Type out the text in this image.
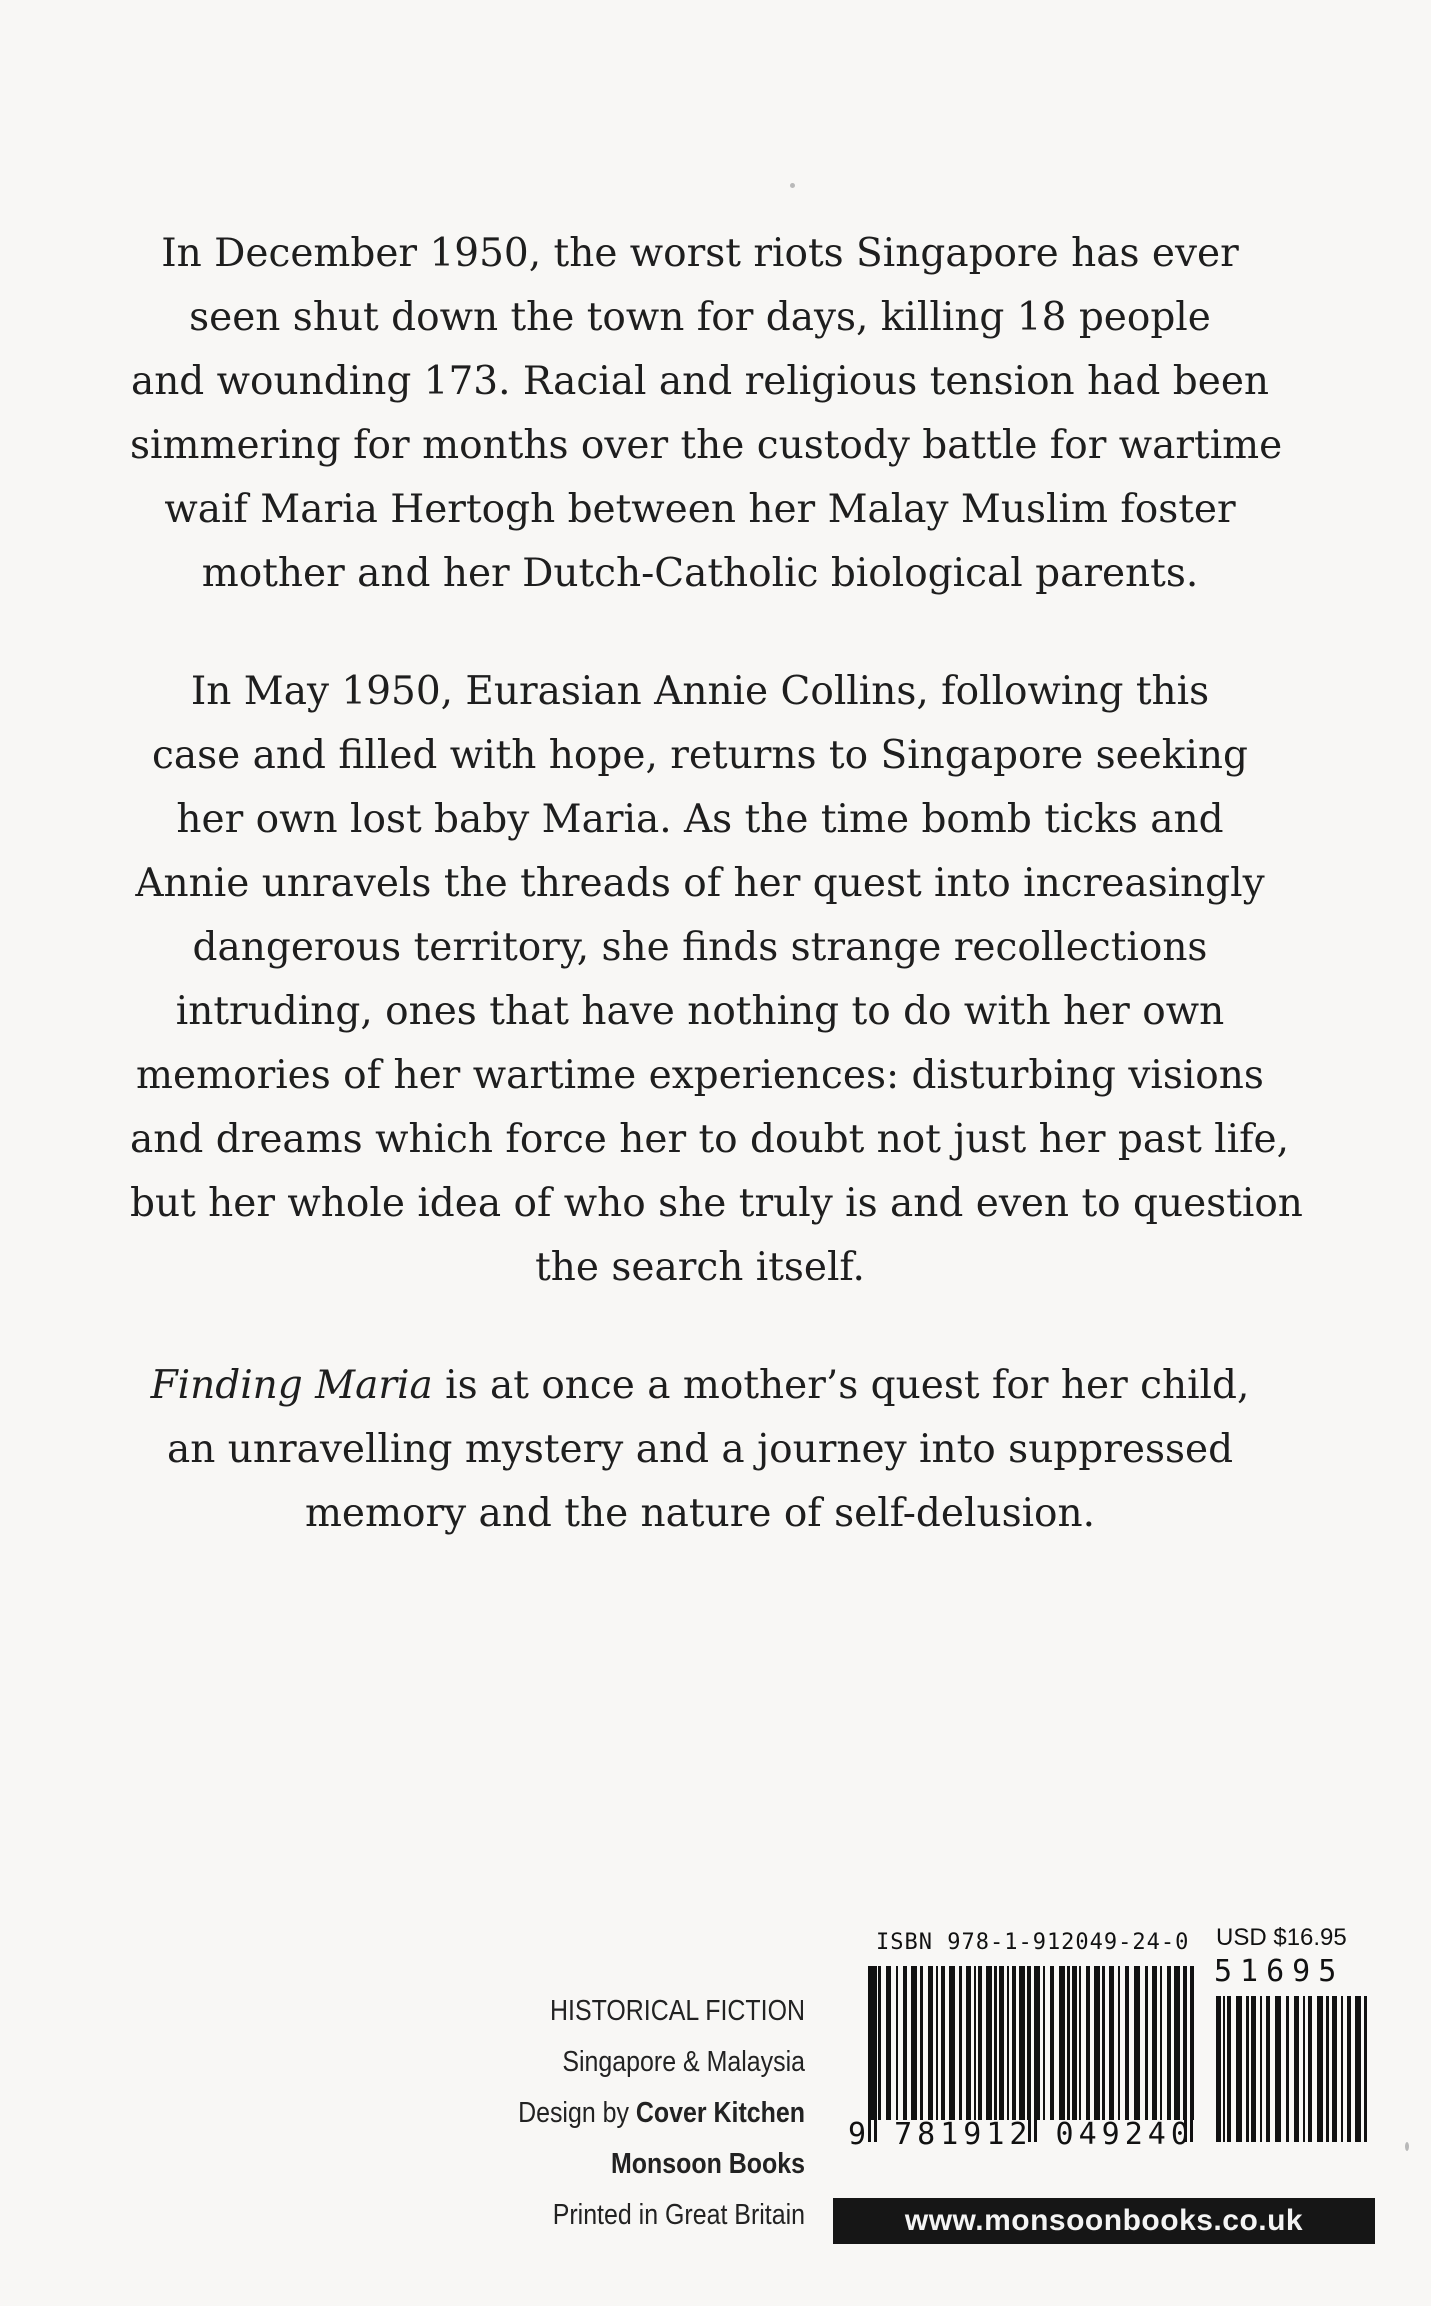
In December 1950, the worst riots Singapore has ever
seen shut down the town for days, killing 18 people
and wounding 173. Racial and religious tension had been
simmering for months over the custody battle for wartime
waif Maria Hertogh between her Malay Muslim foster
mother and her Dutch-Catholic biological parents.
In May 1950, Eurasian Annie Collins, following this
case and filled with hope, returns to Singapore seeking
her own lost baby Maria. As the time bomb ticks and
Annie unravels the threads of her quest into increasingly
dangerous territory, she finds strange recollections
intruding, ones that have nothing to do with her own
memories of her wartime experiences: disturbing visions
and dreams which force her to doubt not just her past life,
but her whole idea of who she truly is and even to question
the search itself.
Finding Maria is at once a mother’s quest for her child,
an unravelling mystery and a journey into suppressed
memory and the nature of self-delusion.
HISTORICAL FICTION
Singapore & Malaysia
Design by Cover Kitchen
Monsoon Books
Printed in Great Britain
ISBN 978-1-912049-24-0 USD $16.95
51695
9 781912 049240
www.monsoonbooks.co.uk
